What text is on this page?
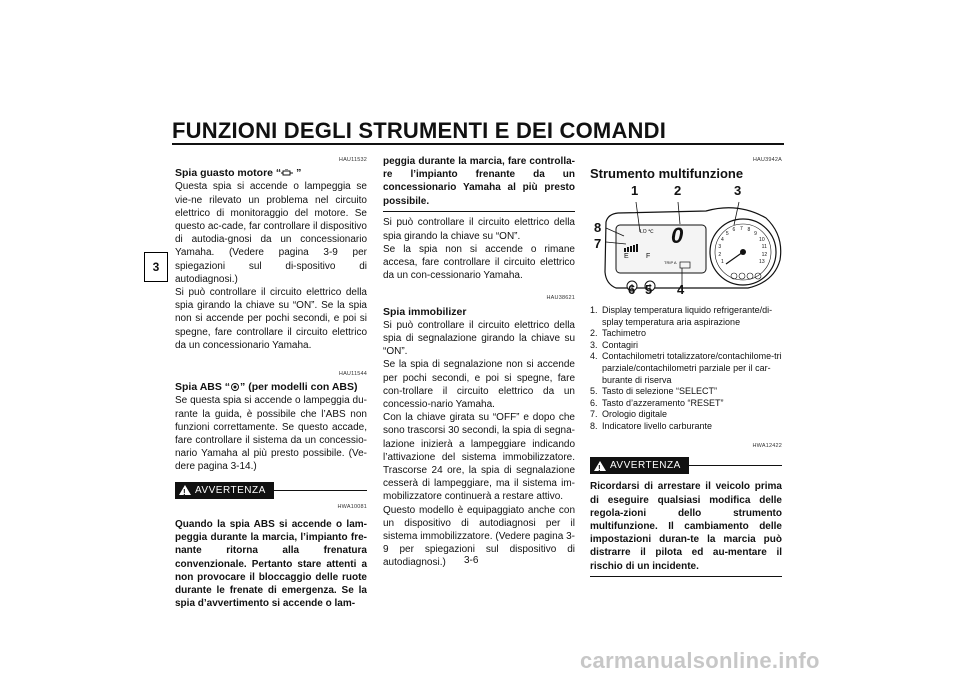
FUNZIONI DEGLI STRUMENTI E DEI COMANDI
3
HAU11532

Spia guasto motore “ ”

Questa spia si accende o lampeggia se vie-ne rilevato un problema nel circuito elettrico di monitoraggio del motore. Se questo ac-cade, far controllare il dispositivo di autodia-gnosi da un concessionario Yamaha. (Vedere pagina 3-9 per spiegazioni sul di-spositivo di autodiagnosi.)

Si può controllare il circuito elettrico della spia girando la chiave su “ON”. Se la spia non si accende per pochi secondi, e poi si spegne, fare controllare il circuito elettrico da un concessionario Yamaha.

HAU11544

Spia ABS “ ” (per modelli con ABS)

Se questa spia si accende o lampeggia du-rante la guida, è possibile che l’ABS non funzioni correttamente. Se questo accade, fare controllare il sistema da un concessio-nario Yamaha al più presto possibile. (Ve-dere pagina 3-14.)

! AVVERTENZA
HWA10081

Quando la spia ABS si accende o lam-peggia durante la marcia, l’impianto fre-nante ritorna alla frenatura convenzionale. Pertanto stare attenti a non provocare il bloccaggio delle ruote durante le frenate di emergenza. Se la spia d’avvertimento si accende o lam-

peggia durante la marcia, fare controlla-re l’impianto frenante da un concessionario Yamaha al più presto possibile.

Si può controllare il circuito elettrico della spia girando la chiave su “ON”.

Se la spia non si accende o rimane accesa, fare controllare il circuito elettrico da un con-cessionario Yamaha.

HAU38621

Spia immobilizer

Si può controllare il circuito elettrico della spia di segnalazione girando la chiave su “ON”.

Se la spia di segnalazione non si accende per pochi secondi, e poi si spegne, fare con-trollare il circuito elettrico da un concessio-nario Yamaha.

Con la chiave girata su “OFF” e dopo che sono trascorsi 30 secondi, la spia di segna-lazione inizierà a lampeggiare indicando l’attivazione del sistema immobilizzatore. Trascorse 24 ore, la spia di segnalazione cesserà di lampeggiare, ma il sistema im-mobilizzatore continuerà a restare attivo.

Questo modello è equipaggiato anche con un dispositivo di autodiagnosi per il sistema immobilizzatore. (Vedere pagina 3-9 per spiegazioni sul dispositivo di autodiagnosi.)

HAU3942A

Strumento multifunzione

LO ℃
E F
0
TRIP A	1
2
3
4
5
6 7 8
9
10
11
12
13
1	2	3
8
7
6 5 4
1. Display temperatura liquido refrigerante/di-splay temperatura aria aspirazione
2. Tachimetro
3. Contagiri
4. Contachilometri totalizzatore/contachilome-tri parziale/contachilometri parziale per il car-burante di riserva
5. Tasto di selezione “SELECT”
6. Tasto d’azzeramento “RESET”
7. Orologio digitale
8. Indicatore livello carburante
HWA12422
! AVVERTENZA

Ricordarsi di arrestare il veicolo prima di eseguire qualsiasi modifica delle regola-zioni dello strumento multifunzione. Il cambiamento delle impostazioni duran-te la marcia può distrarre il pilota ed au-mentare il rischio di un incidente.

3-6
carmanualsonline.info
